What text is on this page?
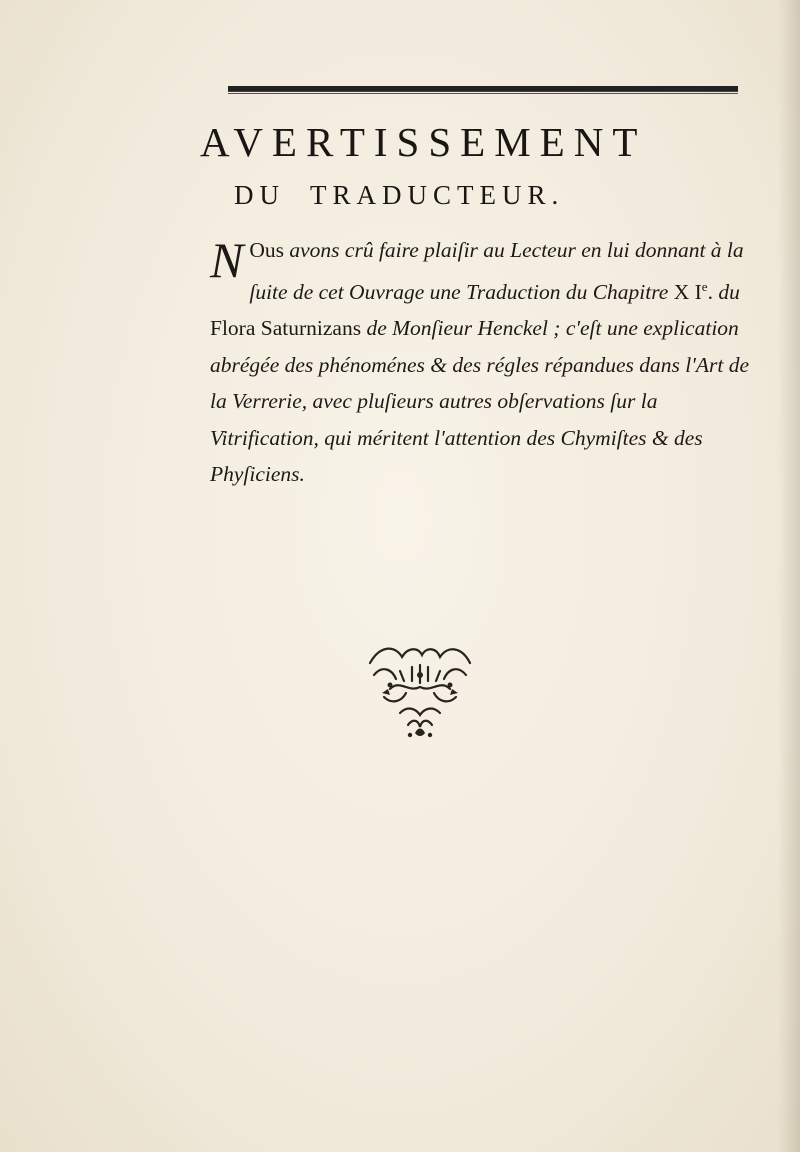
AVERTISSEMENT
DU  TRADUCTEUR.

N Ous avons crû faire plaiſir au Lecteur en lui donnant à la ſuite de cet Ouvrage une Traduction du Chapitre X Ie. du Flora Saturnizans de Monſieur Henckel ; c'eſt une explication abrégée des phénoménes & des régles répandues dans l'Art de la Verrerie, avec pluſieurs autres obſervations ſur la Vitrification, qui méritent l'attention des Chymiſtes & des Phyſiciens.
